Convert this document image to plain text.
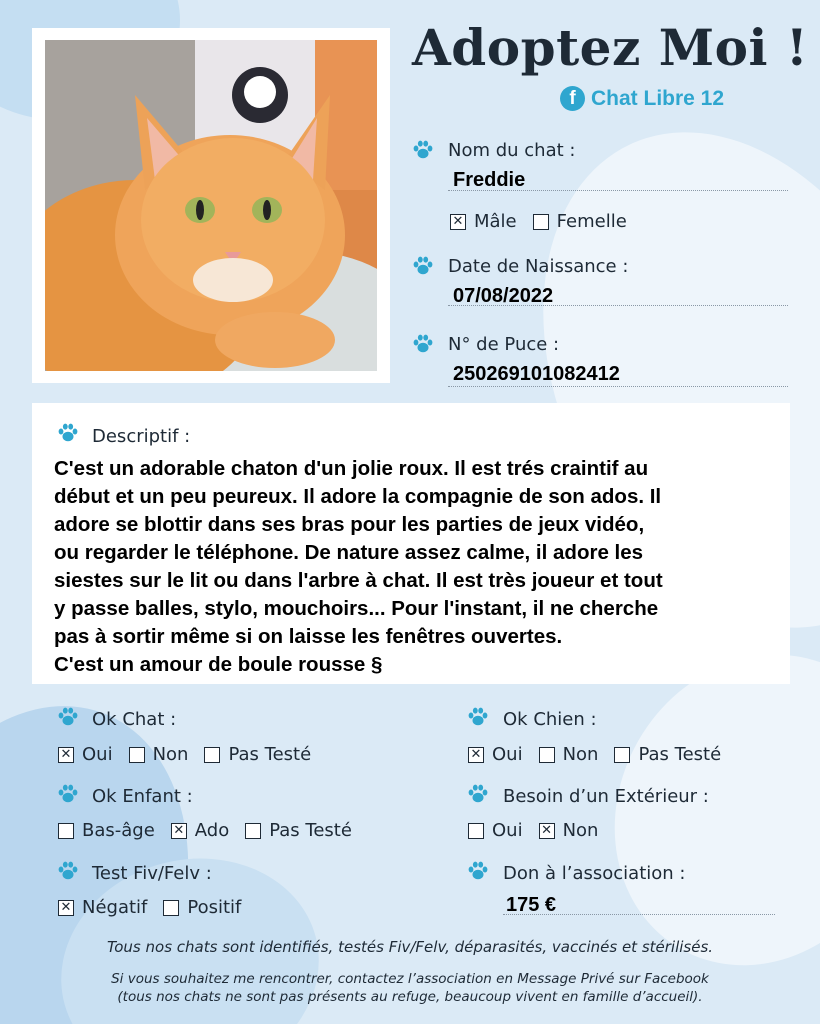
Adoptez Moi !
f Chat Libre 12
Nom du chat :
Freddie
✕
Mâle Femelle
Date de Naissance :
07/08/2022
N° de Puce :
250269101082412
Descriptif :
C'est un adorable chaton d'un jolie roux. Il est trés craintif au
début et un peu peureux. Il adore la compagnie de son ados. Il
adore se blottir dans ses bras pour les parties de jeux vidéo,
ou regarder le téléphone. De nature assez calme, il adore les
siestes sur le lit ou dans l'arbre à chat. Il est très joueur et tout
y passe balles, stylo, mouchoirs... Pour l'instant, il ne cherche
pas à sortir même si on laisse les fenêtres ouvertes.
C'est un amour de boule rousse §
Ok Chat :
✕
Oui Non Pas Testé
Ok Chien :
✕
Oui Non Pas Testé
Ok Enfant :
Bas-âge ✕ Ado Pas Testé
Besoin d’un Extérieur :
Oui ✕ Non
Test Fiv/Felv :
✕
Négatif Positif
Don à l’association :
175 €
Tous nos chats sont identifiés, testés Fiv/Felv, déparasités, vaccinés et stérilisés.
Si vous souhaitez me rencontrer, contactez l’association en Message Privé sur Facebook
(tous nos chats ne sont pas présents au refuge, beaucoup vivent en famille d’accueil).
